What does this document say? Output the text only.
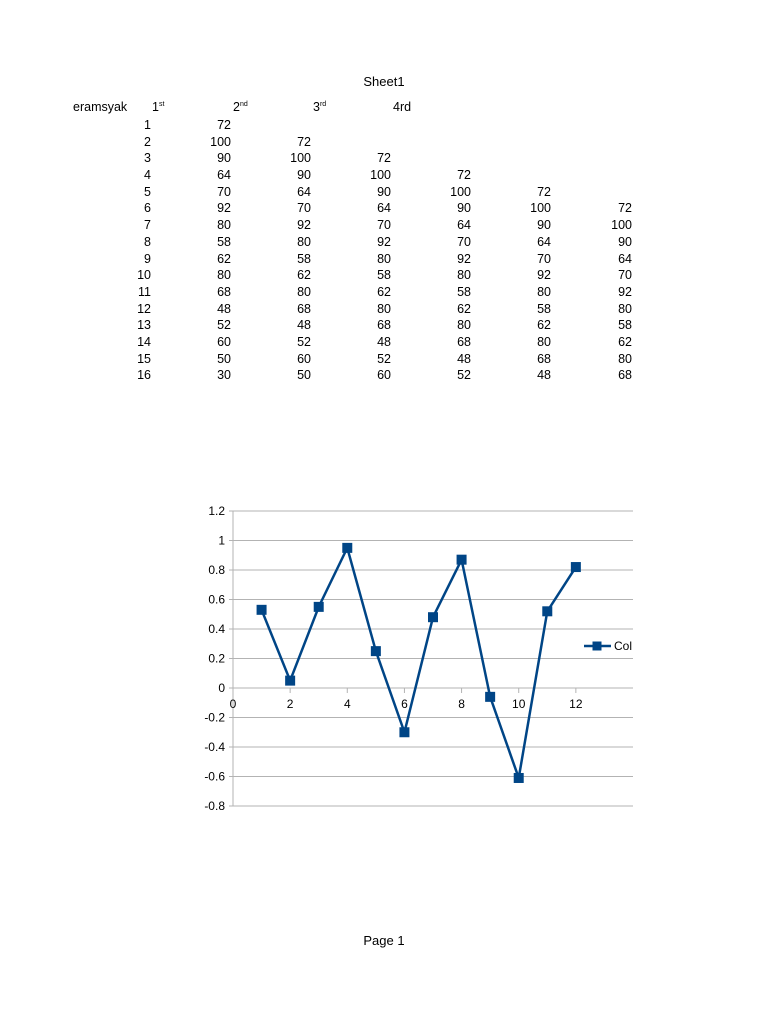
Sheet1
eramsyak 1st	2nd	3rd	4rd
1	72
2	100	72
3	90	100	72
4	64	90	100	72
5	70	64	90	100	72
6	92	70	64	90	100	72
7	80	92	70	64	90	100
8	58	80	92	70	64	90
9	62	58	80	92	70	64
10	80	62	58	80	92	70
11	68	80	62	58	80	92
12	48	68	80	62	58	80
13	52	48	68	80	62	58
14	60	52	48	68	80	62
15	50	60	52	48	68	80
16	30	50	60	52	48	68
1.2
1
0.8
0.6
0.4
0.2
0
-0.2
-0.4
-0.6
-0.8
0	2	4	6	8	10	12
Col
Page 1
